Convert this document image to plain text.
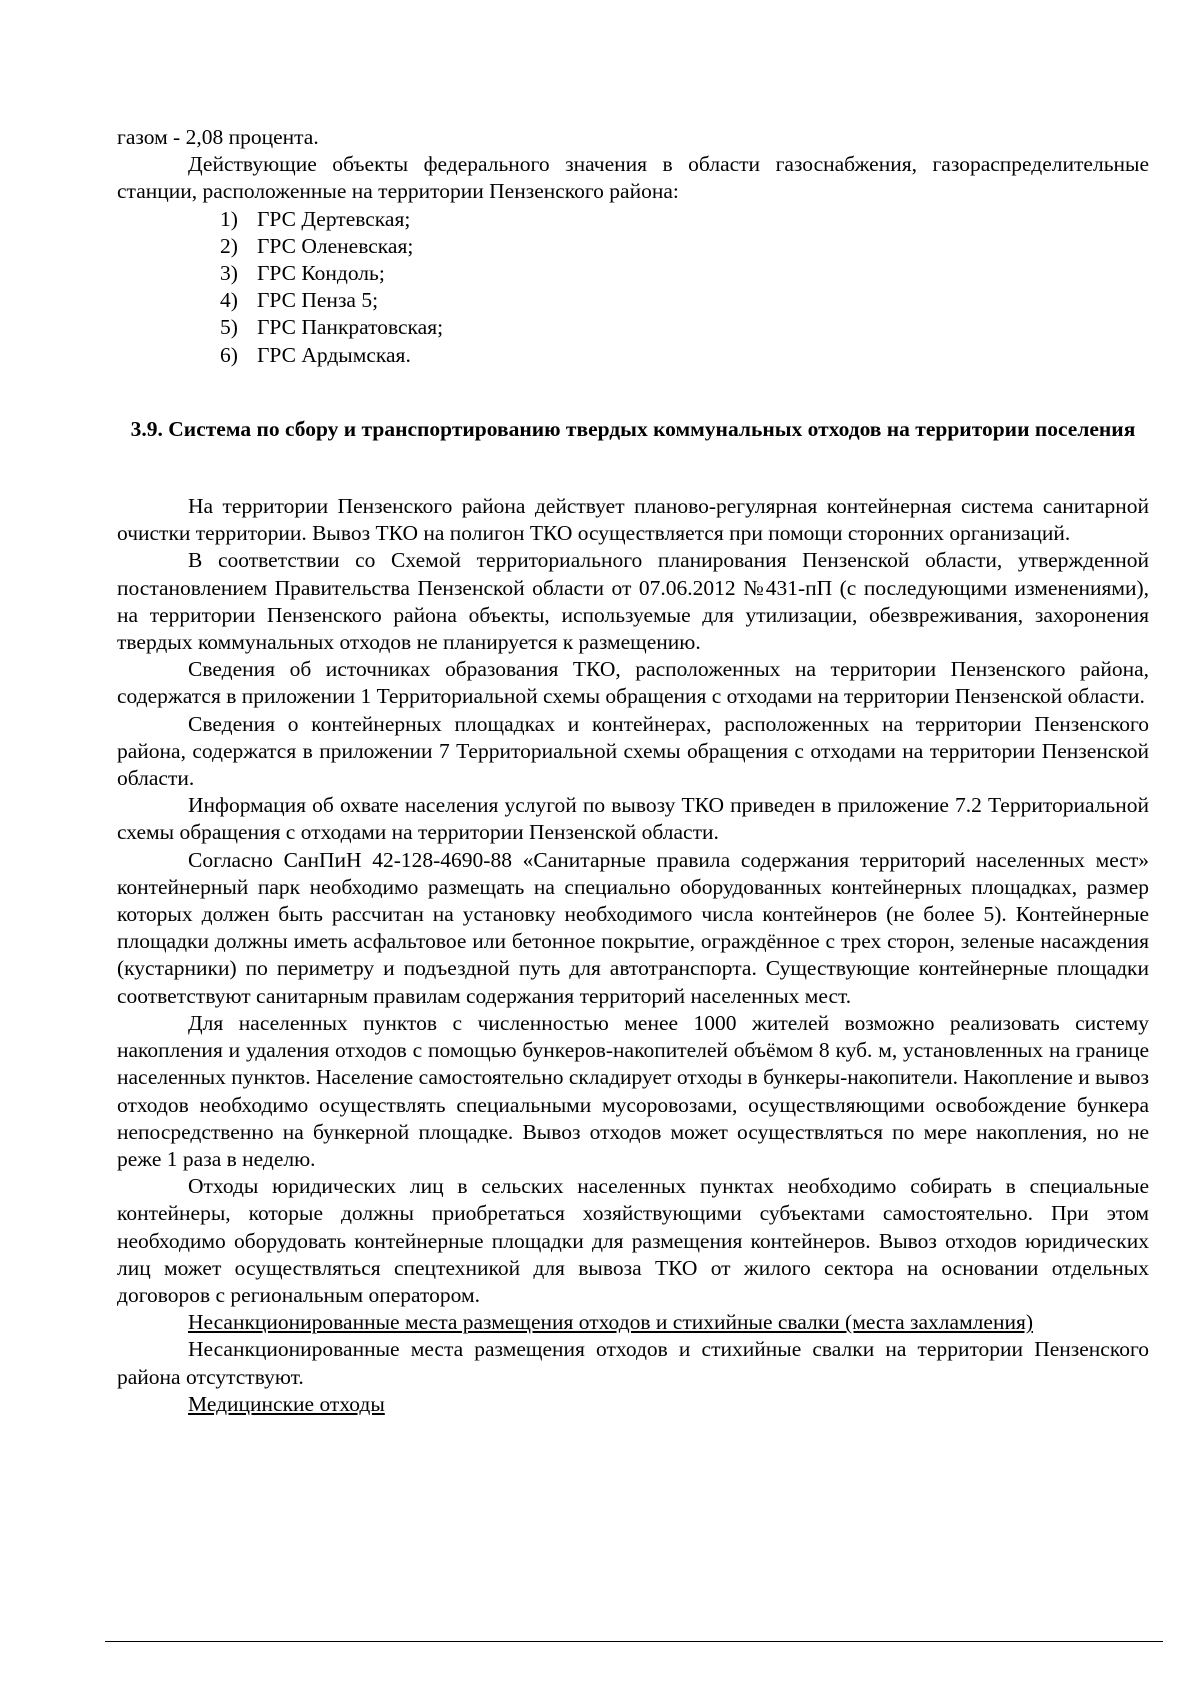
газом - 2,08 процента.

Действующие объекты федерального значения в области газоснабжения, газораспределительные станции, расположенные на территории Пензенского района:

1) ГРС Дертевская;
2) ГРС Оленевская;
3) ГРС Кондоль;
4) ГРС Пенза 5;
5) ГРС Панкратовская;
6) ГРС Ардымская.
3.9. Система по сбору и транспортированию твердых коммунальных отходов на территории поселения

На территории Пензенского района действует планово-регулярная контейнерная система санитарной очистки территории. Вывоз ТКО на полигон ТКО осуществляется при помощи сторонних организаций.

В соответствии со Схемой территориального планирования Пензенской области, утвержденной постановлением Правительства Пензенской области от 07.06.2012 №431-пП (с последующими изменениями), на территории Пензенского района объекты, используемые для утилизации, обезвреживания, захоронения твердых коммунальных отходов не планируется к размещению.

Сведения об источниках образования ТКО, расположенных на территории Пензенского района, содержатся в приложении 1 Территориальной схемы обращения с отходами на территории Пензенской области.

Сведения о контейнерных площадках и контейнерах, расположенных на территории Пензенского района, содержатся в приложении 7 Территориальной схемы обращения с отходами на территории Пензенской области.

Информация об охвате населения услугой по вывозу ТКО приведен в приложение 7.2 Территориальной схемы обращения с отходами на территории Пензенской области.

Согласно СанПиН 42-128-4690-88 «Санитарные правила содержания территорий населенных мест» контейнерный парк необходимо размещать на специально оборудованных контейнерных площадках, размер которых должен быть рассчитан на установку необходимого числа контейнеров (не более 5). Контейнерные площадки должны иметь асфальтовое или бетонное покрытие, ограждённое с трех сторон, зеленые насаждения (кустарники) по периметру и подъездной путь для автотранспорта. Существующие контейнерные площадки соответствуют санитарным правилам содержания территорий населенных мест.

Для населенных пунктов с численностью менее 1000 жителей возможно реализовать систему накопления и удаления отходов с помощью бункеров-накопителей объёмом 8 куб. м, установленных на границе населенных пунктов. Население самостоятельно складирует отходы в бункеры-накопители. Накопление и вывоз отходов необходимо осуществлять специальными мусоровозами, осуществляющими освобождение бункера непосредственно на бункерной площадке. Вывоз отходов может осуществляться по мере накопления, но не реже 1 раза в неделю.

Отходы юридических лиц в сельских населенных пунктах необходимо собирать в специальные контейнеры, которые должны приобретаться хозяйствующими субъектами самостоятельно. При этом необходимо оборудовать контейнерные площадки для размещения контейнеров. Вывоз отходов юридических лиц может осуществляться спецтехникой для вывоза ТКО от жилого сектора на основании отдельных договоров с региональным оператором.

Несанкционированные места размещения отходов и стихийные свалки (места захламления)

Несанкционированные места размещения отходов и стихийные свалки на территории Пензенского района отсутствуют.

Медицинские отходы
